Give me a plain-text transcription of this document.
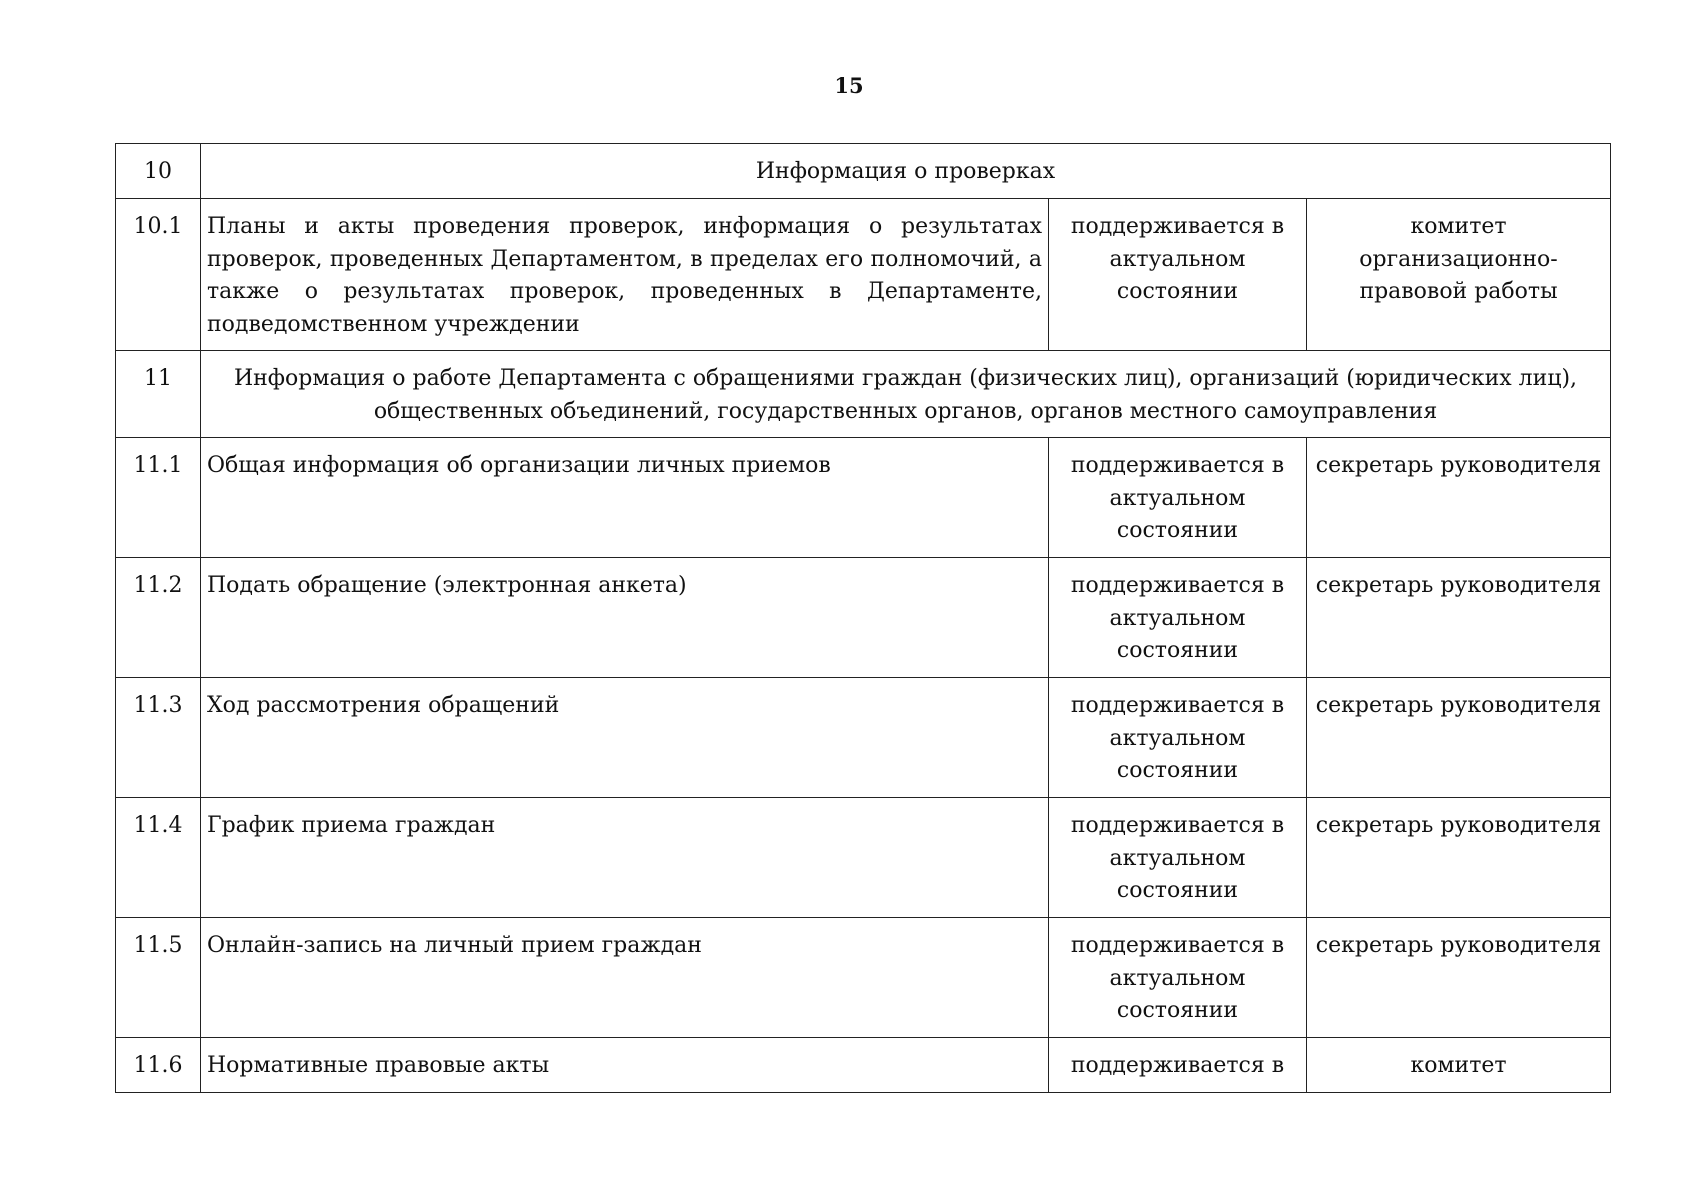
15
10	Информация о проверках		
10.1	Планы и акты проведения проверок, информация о результатах проверок, проведенных Департаментом, в пределах его полномочий, а также о результатах проверок, проведенных в Департаменте, подведомственном учреждении	поддерживается в актуальном состоянии	комитет организационно-правовой работы
11	Информация о работе Департамента с обращениями граждан (физических лиц), организаций (юридических лиц), общественных объединений, государственных органов, органов местного самоуправления		
11.1	Общая информация об организации личных приемов	поддерживается в актуальном состоянии	секретарь руководителя
11.2	Подать обращение (электронная анкета)	поддерживается в актуальном состоянии	секретарь руководителя
11.3	Ход рассмотрения обращений	поддерживается в актуальном состоянии	секретарь руководителя
11.4	График приема граждан	поддерживается в актуальном состоянии	секретарь руководителя
11.5	Онлайн-запись на личный прием граждан	поддерживается в актуальном состоянии	секретарь руководителя
11.6	Нормативные правовые акты	поддерживается в	комитет
